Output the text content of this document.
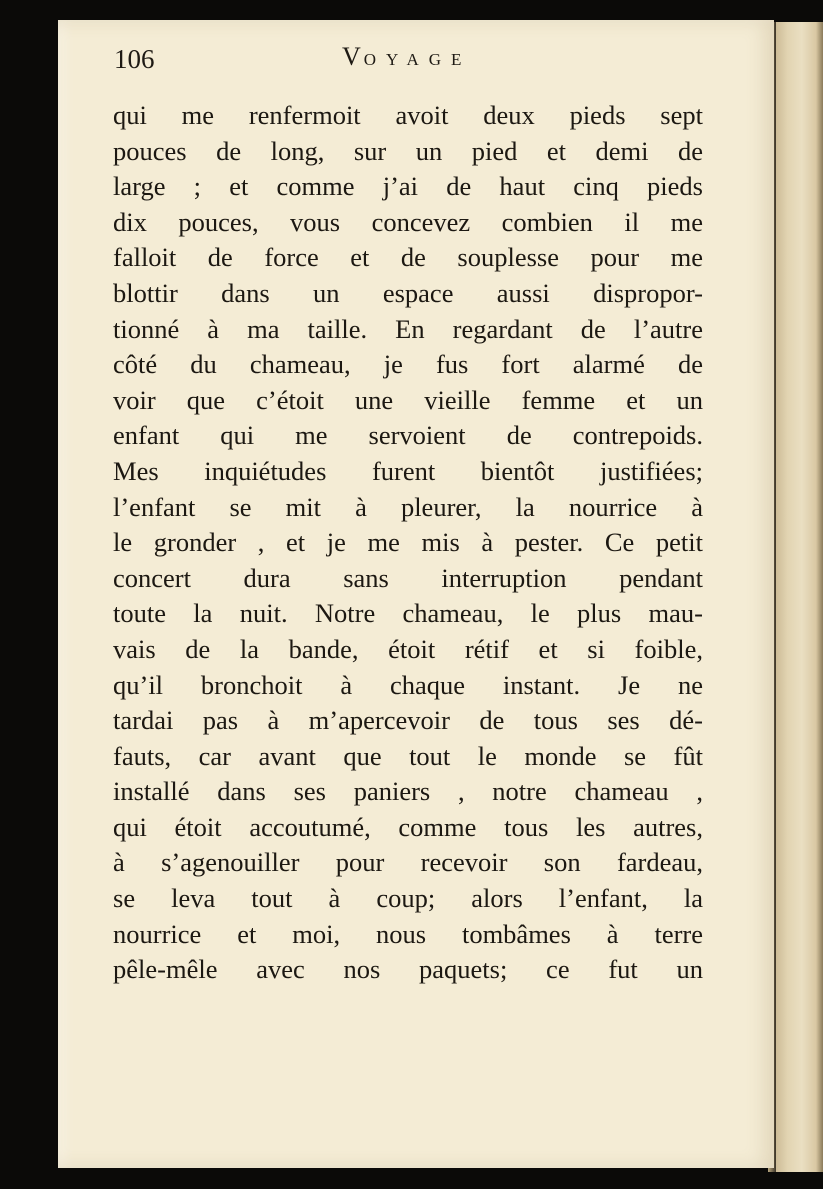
106	VOYAGE
qui me renfermoit avoit deux pieds sept
pouces de long, sur un pied et demi de
large ; et comme j’ai de haut cinq pieds
dix pouces, vous concevez combien il me
falloit de force et de souplesse pour me
blottir dans un espace aussi dispropor-
tionné à ma taille. En regardant de l’autre
côté du chameau, je fus fort alarmé de
voir que c’étoit une vieille femme et un
enfant qui me servoient de contrepoids.
Mes inquiétudes furent bientôt justifiées;
l’enfant se mit à pleurer, la nourrice à
le gronder , et je me mis à pester. Ce petit
concert dura sans interruption pendant
toute la nuit. Notre chameau, le plus mau-
vais de la bande, étoit rétif et si foible,
qu’il bronchoit à chaque instant. Je ne
tardai pas à m’apercevoir de tous ses dé-
fauts, car avant que tout le monde se fût
installé dans ses paniers , notre chameau ,
qui étoit accoutumé, comme tous les autres,
à s’agenouiller pour recevoir son fardeau,
se leva tout à coup; alors l’enfant, la
nourrice et moi, nous tombâmes à terre
pêle-mêle avec nos paquets; ce fut un
